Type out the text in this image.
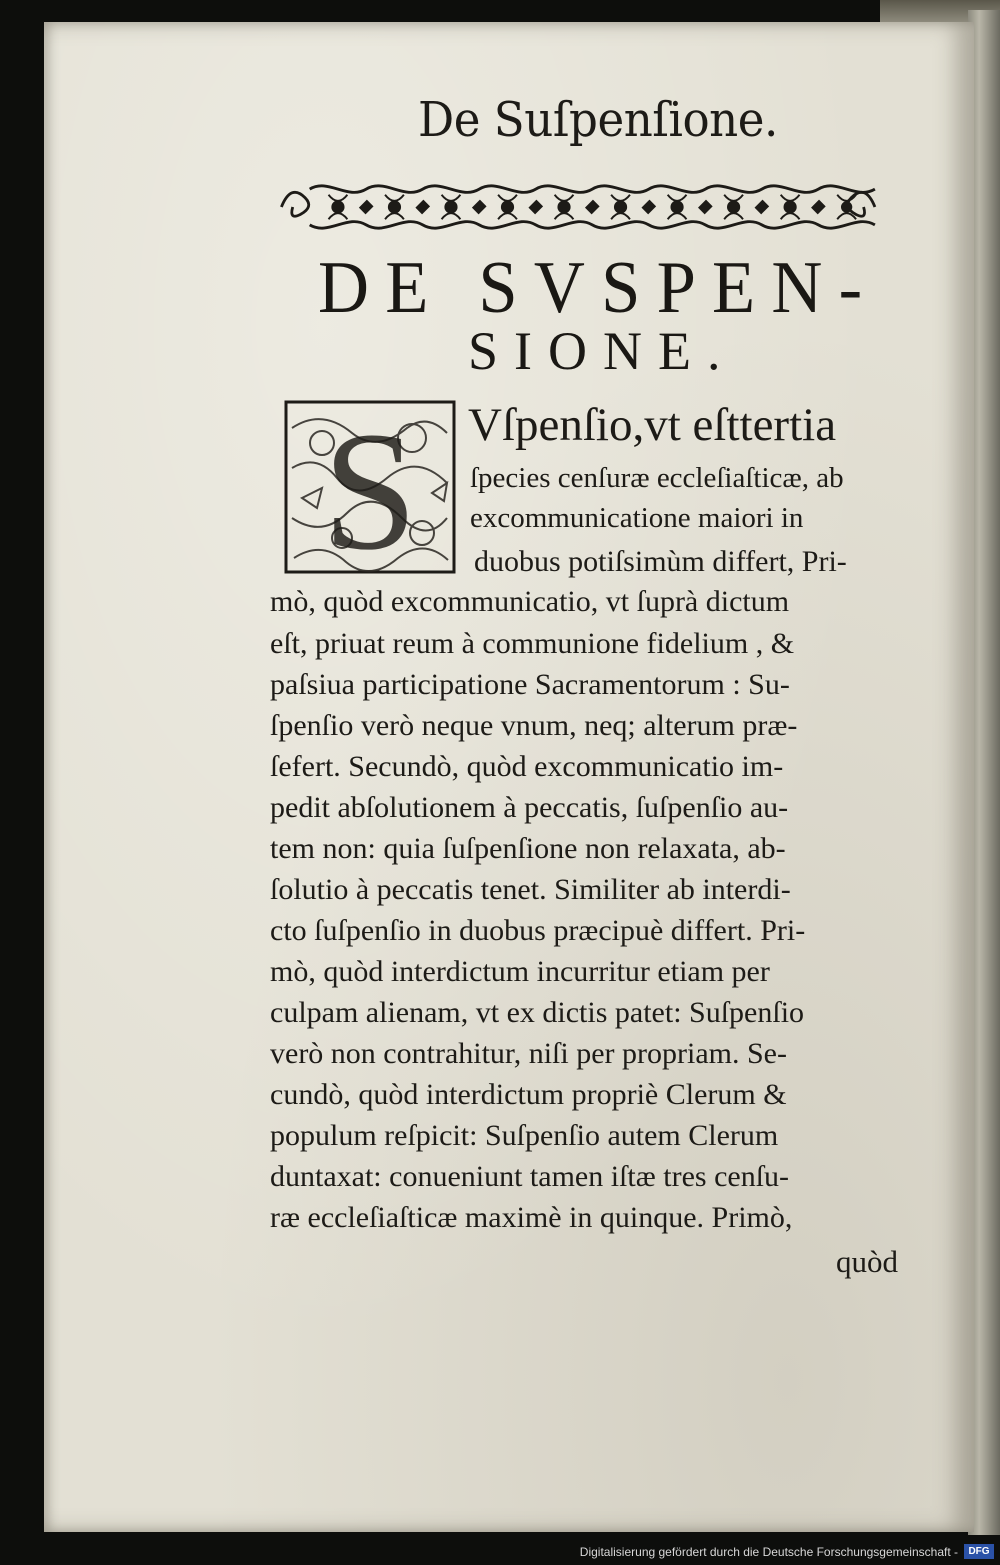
De Suſpenſione.
DE SVSPEN-
SIONE.
S Vſpenſio,vt eſttertia
ſpecies cenſuræ eccleſiaſticæ, ab
excommunicatione maiori in
duobus potiſsimùm differt, Pri-
mò, quòd excommunicatio, vt ſuprà dictum
eſt, priuat reum à communione fidelium , &
paſsiua participatione Sacramentorum : Su-
ſpenſio verò neque vnum, neq; alterum præ-
ſefert. Secundò, quòd excommunicatio im-
pedit abſolutionem à peccatis, ſuſpenſio au-
tem non: quia ſuſpenſione non relaxata, ab-
ſolutio à peccatis tenet. Similiter ab interdi-
cto ſuſpenſio in duobus præcipuè differt. Pri-
mò, quòd interdictum incurritur etiam per
culpam alienam, vt ex dictis patet: Suſpenſio
verò non contrahitur, niſi per propriam. Se-
cundò, quòd interdictum propriè Clerum &
populum reſpicit: Suſpenſio autem Clerum
duntaxat: conueniunt tamen iſtæ tres cenſu-
ræ eccleſiaſticæ maximè in quinque. Primò,
quòd
Digitalisierung gefördert durch die Deutsche Forschungsgemeinschaft -	DFG
